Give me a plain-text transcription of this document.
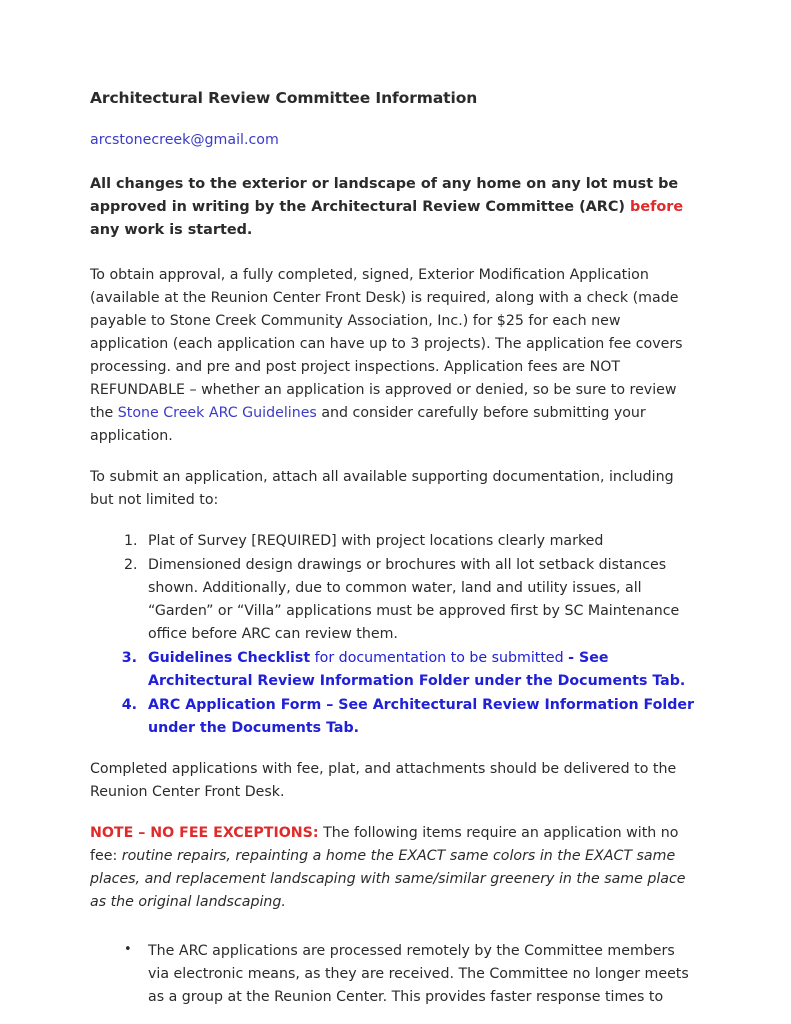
Architectural Review Committee Information
arcstonecreek@gmail.com

All changes to the exterior or landscape of any home on any lot must be approved in writing by the Architectural Review Committee (ARC) before any work is started.

To obtain approval, a fully completed, signed, Exterior Modification Application (available at the Reunion Center Front Desk) is required, along with a check (made payable to Stone Creek Community Association, Inc.) for $25 for each new application (each application can have up to 3 projects). The application fee covers processing. and pre and post project inspections. Application fees are NOT REFUNDABLE – whether an application is approved or denied, so be sure to review the Stone Creek ARC Guidelines and consider carefully before submitting your application.

To submit an application, attach all available supporting documentation, including but not limited to:

1. Plat of Survey [REQUIRED] with project locations clearly marked
2. Dimensioned design drawings or brochures with all lot setback distances shown. Additionally, due to common water, land and utility issues, all “Garden” or “Villa” applications must be approved first by SC Maintenance office before ARC can review them.
3. Guidelines Checklist for documentation to be submitted - See Architectural Review Information Folder under the Documents Tab.
4. ARC Application Form – See Architectural Review Information Folder under the Documents Tab.

Completed applications with fee, plat, and attachments should be delivered to the Reunion Center Front Desk.

NOTE – NO FEE EXCEPTIONS: The following items require an application with no fee: routine repairs, repainting a home the EXACT same colors in the EXACT same places, and replacement landscaping with same/similar greenery in the same place as the original landscaping.

• The ARC applications are processed remotely by the Committee members via electronic means, as they are received. The Committee no longer meets as a group at the Reunion Center. This provides faster response times to
